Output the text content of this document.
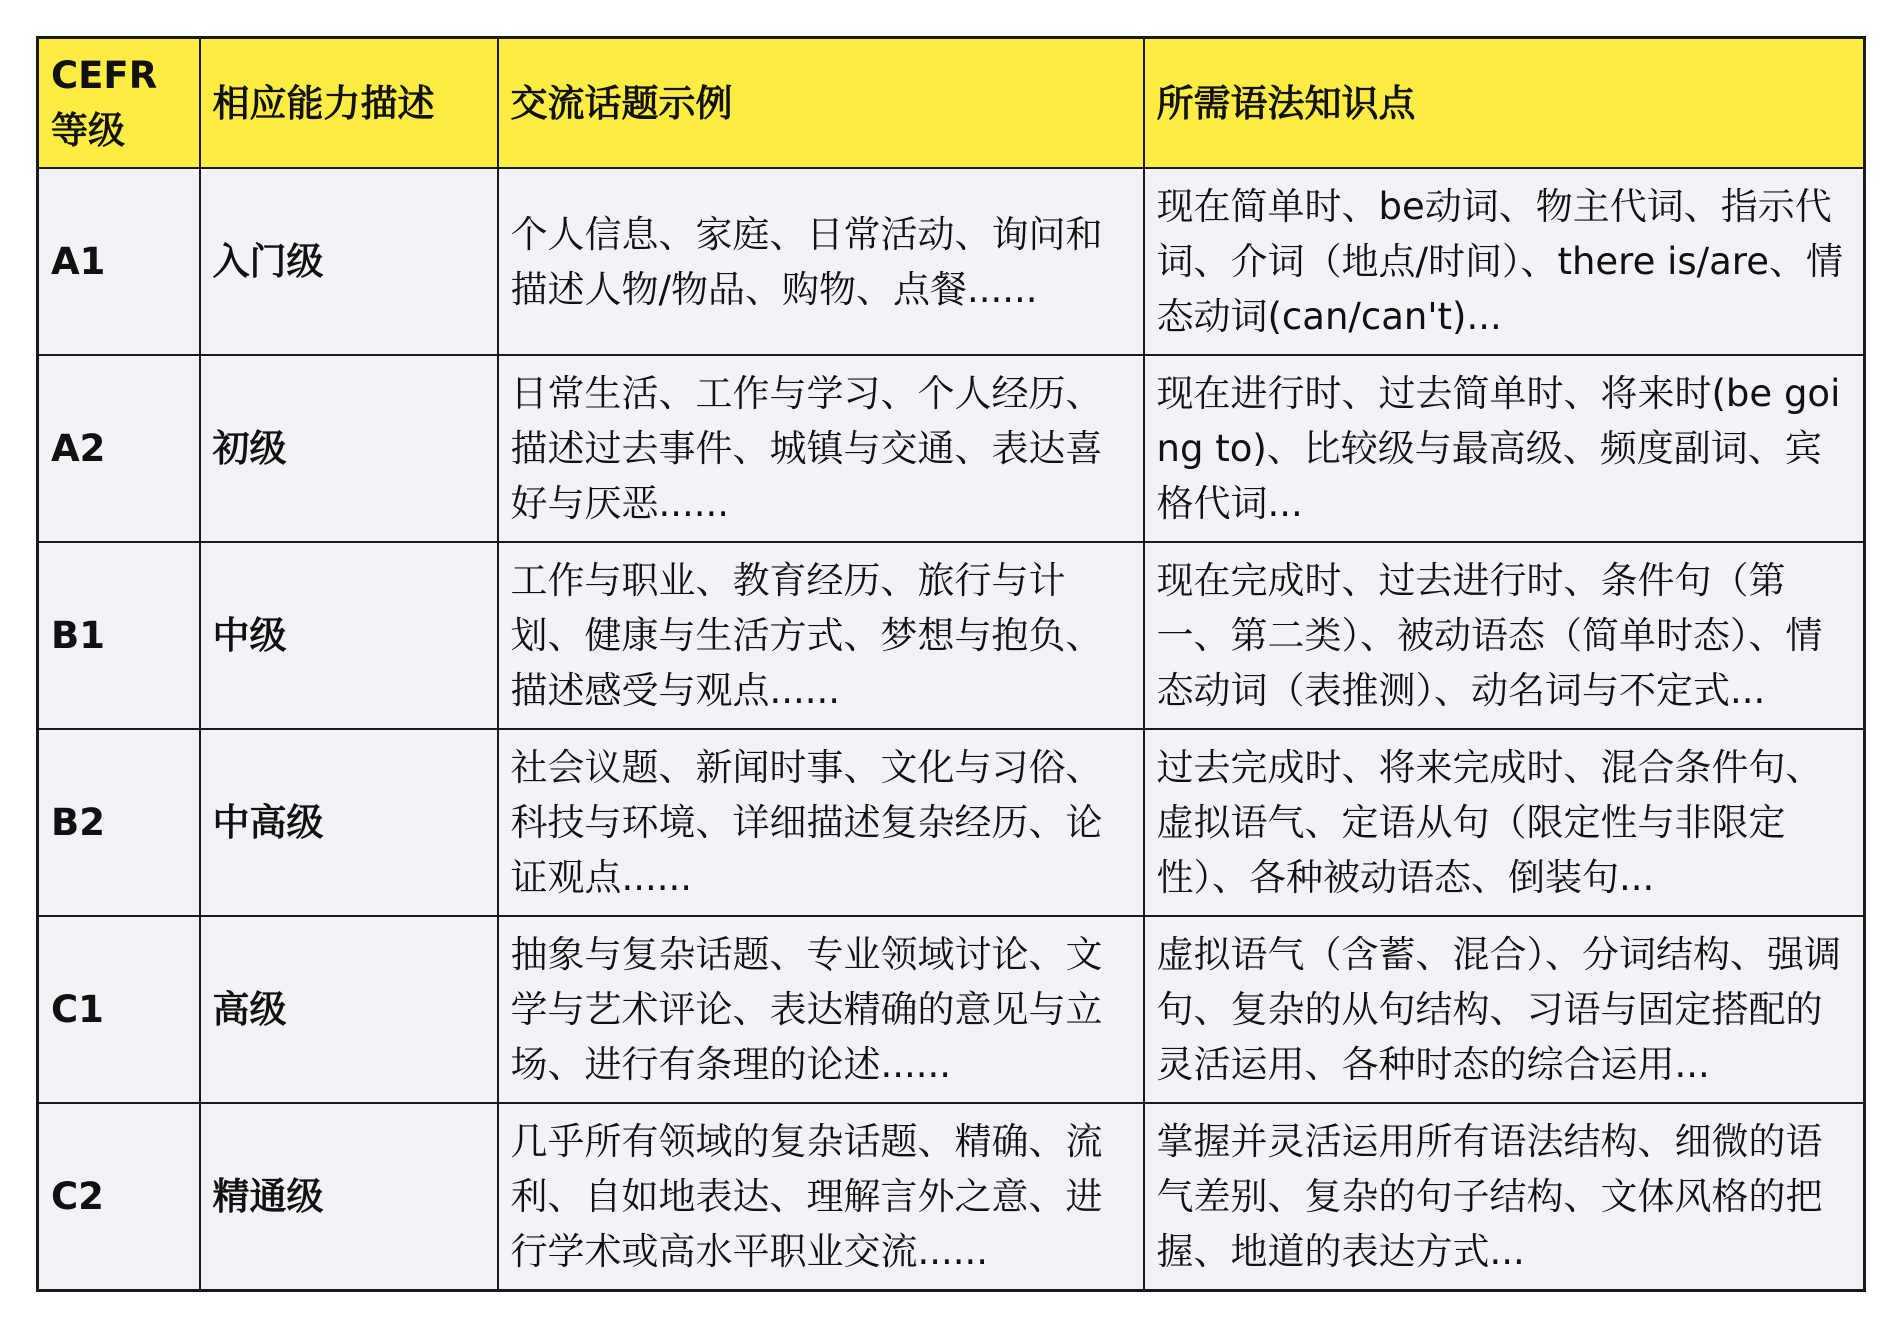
CEFR等级	相应能力描述	交流话题示例	所需语法知识点
A1	入门级	个人信息、家庭、日常活动、询问和描述人物/物品、购物、点餐......	现在简单时、be动词、物主代词、指示代词、介词（地点/时间）、there is/are、情态动词(can/can't)...
A2	初级	日常生活、工作与学习、个人经历、描述过去事件、城镇与交通、表达喜好与厌恶......	现在进行时、过去简单时、将来时(be going to)、比较级与最高级、频度副词、宾格代词...
B1	中级	工作与职业、教育经历、旅行与计划、健康与生活方式、梦想与抱负、描述感受与观点......	现在完成时、过去进行时、条件句（第一、第二类）、被动语态（简单时态）、情态动词（表推测）、动名词与不定式...
B2	中高级	社会议题、新闻时事、文化与习俗、科技与环境、详细描述复杂经历、论证观点......	过去完成时、将来完成时、混合条件句、虚拟语气、定语从句（限定性与非限定性）、各种被动语态、倒装句...
C1	高级	抽象与复杂话题、专业领域讨论、文学与艺术评论、表达精确的意见与立场、进行有条理的论述......	虚拟语气（含蓄、混合）、分词结构、强调句、复杂的从句结构、习语与固定搭配的灵活运用、各种时态的综合运用...
C2	精通级	几乎所有领域的复杂话题、精确、流利、自如地表达、理解言外之意、进行学术或高水平职业交流......	掌握并灵活运用所有语法结构、细微的语气差别、复杂的句子结构、文体风格的把握、地道的表达方式...
